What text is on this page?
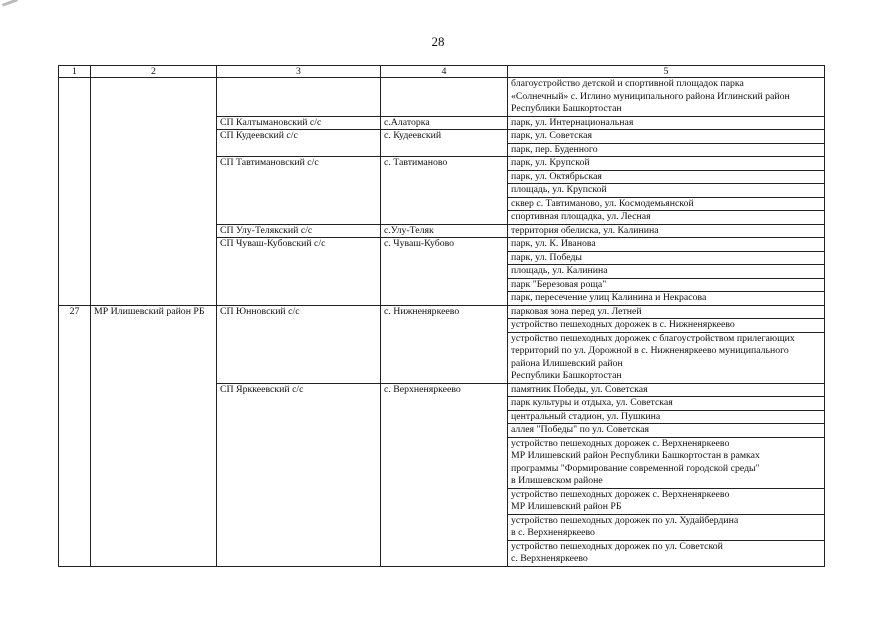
28
1	2	3	4	5
				благоустройство детской и спортивной площадок парка
«Солнечный» с. Иглино муниципального района Иглинский район
Республики Башкортостан
		СП Калтымановский с/с	с.Алаторка	парк, ул. Интернациональная
		СП Кудеевский с/с	с. Кудеевский	парк, ул. Советская
				парк, пер. Буденного
		СП Тавтимановский с/с	с. Тавтиманово	парк, ул. Крупской
				парк, ул. Октябрьская
				площадь, ул. Крупской
				сквер с. Тавтиманово, ул. Космодемьянской
				спортивная площадка, ул. Лесная
		СП Улу-Телякский с/с	с.Улу-Теляк	территория обелиска, ул. Калинина
		СП Чуваш-Кубовский с/с	с. Чуваш-Кубово	парк, ул. К. Иванова
				парк, ул. Победы
				площадь, ул. Калинина
				парк "Березовая роща"
				парк, пересечение улиц Калинина и Некрасова
27	МР Илишевский район РБ	СП Юнновский с/с	с. Нижненяркеево	парковая зона перед ул. Летней
				устройство пешеходных дорожек в с. Нижненяркеево
				устройство пешеходных дорожек с благоустройством прилегающих
территорий по ул. Дорожной в с. Нижненяркеево муниципального
района Илишевский район
Республики Башкортостан
		СП Ярккеевский с/с	с. Верхненяркеево	памятник Победы, ул. Советская
				парк культуры и отдыха, ул. Советская
				центральный стадион, ул. Пушкина
				аллея "Победы" по ул. Советская
				устройство пешеходных дорожек с. Верхненяркеево
МР Илишевский район Республики Башкортостан в рамках
программы "Формирование современной городской среды"
в Илишевском районе
				устройство пешеходных дорожек с. Верхненяркеево
МР Илишевский район РБ
				устройство пешеходных дорожек по ул. Худайбердина
в с. Верхненяркеево
				устройство пешеходных дорожек по ул. Советской
с. Верхненяркеево
